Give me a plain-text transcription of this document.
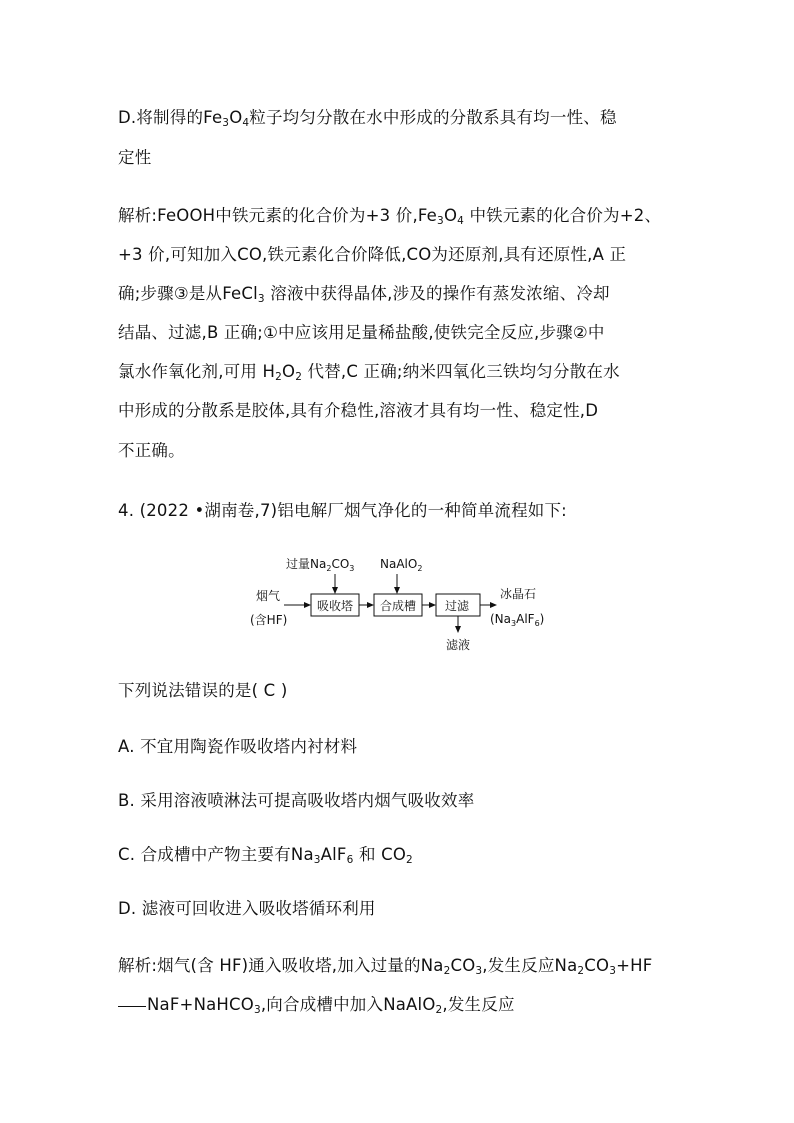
D.将制得的$Fe_3O_4$粒子均匀分散在水中形成的分散系具有均一性、稳
定性
解析:FeOOH中铁元素的化合价为+3 价$,Fe_3O_4$ 中铁元素的化合价为+2、
+3 价,可知加入CO,铁元素化合价降低,CO为还原剂,具有还原性,A 正
确;步骤③是从FeCl$_3$ 溶液中获得晶体,涉及的操作有蒸发浓缩、冷却
结晶、过滤,B 正确;①中应该用足量稀盐酸,使铁完全反应,步骤②中
氯水作氧化剂,可用 $H_2O_2$ 代替,C 正确;纳米四氧化三铁均匀分散在水
中形成的分散系是胶体,具有介稳性,溶液才具有均一性、稳定性,D
不正确。
4. (2022 •湖南卷,7)铝电解厂烟气净化的一种简单流程如下:
烟气
(含HF)
过量$Na_2CO_3$
吸收塔
NaAlO$_2$
合成槽 过滤
滤液
冰晶石
$(Na_3AlF_6)$
下列说法错误的是( C )
A. 不宜用陶瓷作吸收塔内衬材料
B. 采用溶液喷淋法可提高吸收塔内烟气吸收效率
C. 合成槽中产物主要有$Na_3AlF_6$ 和 $CO_2$
D. 滤液可回收进入吸收塔循环利用
解析:烟气(含 HF)通入吸收塔,加入过量的$Na_2CO_3$,发生反应$Na_2CO_3+HF$
NaF+NaHCO$_3$,向合成槽中加入NaAlO$_2$,发生反应
